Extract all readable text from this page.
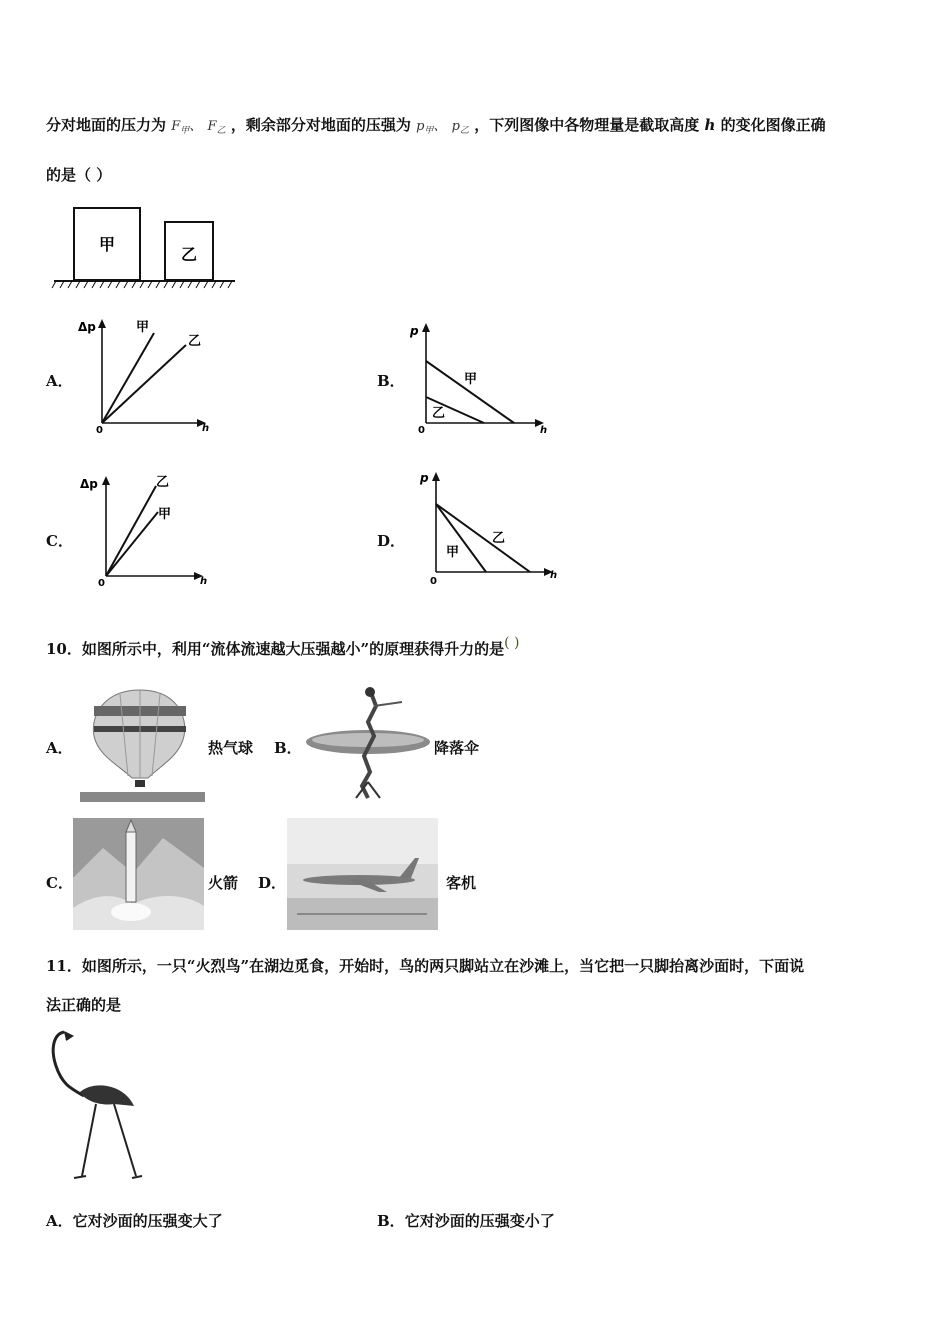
分对地面的压力为 $F_甲$、 $F_乙$ ，剩余部分对地面的压强为 $p_甲$、 $p_乙$ ，下列图像中各物理量是截取高度 h 的变化图像正确
的是（ ）
甲
乙
A．
Δp	甲
乙
0	h
B．
p
甲
乙
0	h
C．
Δp	乙
甲
0	h
D．
p
乙
甲
0
h
10．如图所示中，利用“流体流速越大压强越小”的原理获得升力的是( )
A．	热气球 B．	降落伞
C．	火箭 D．	客机
11．如图所示，一只“火烈鸟”在湖边觅食，开始时，鸟的两只脚站立在沙滩上，当它把一只脚抬离沙面时，下面说
法正确的是
A．它对沙面的压强变大了	B．它对沙面的压强变小了
